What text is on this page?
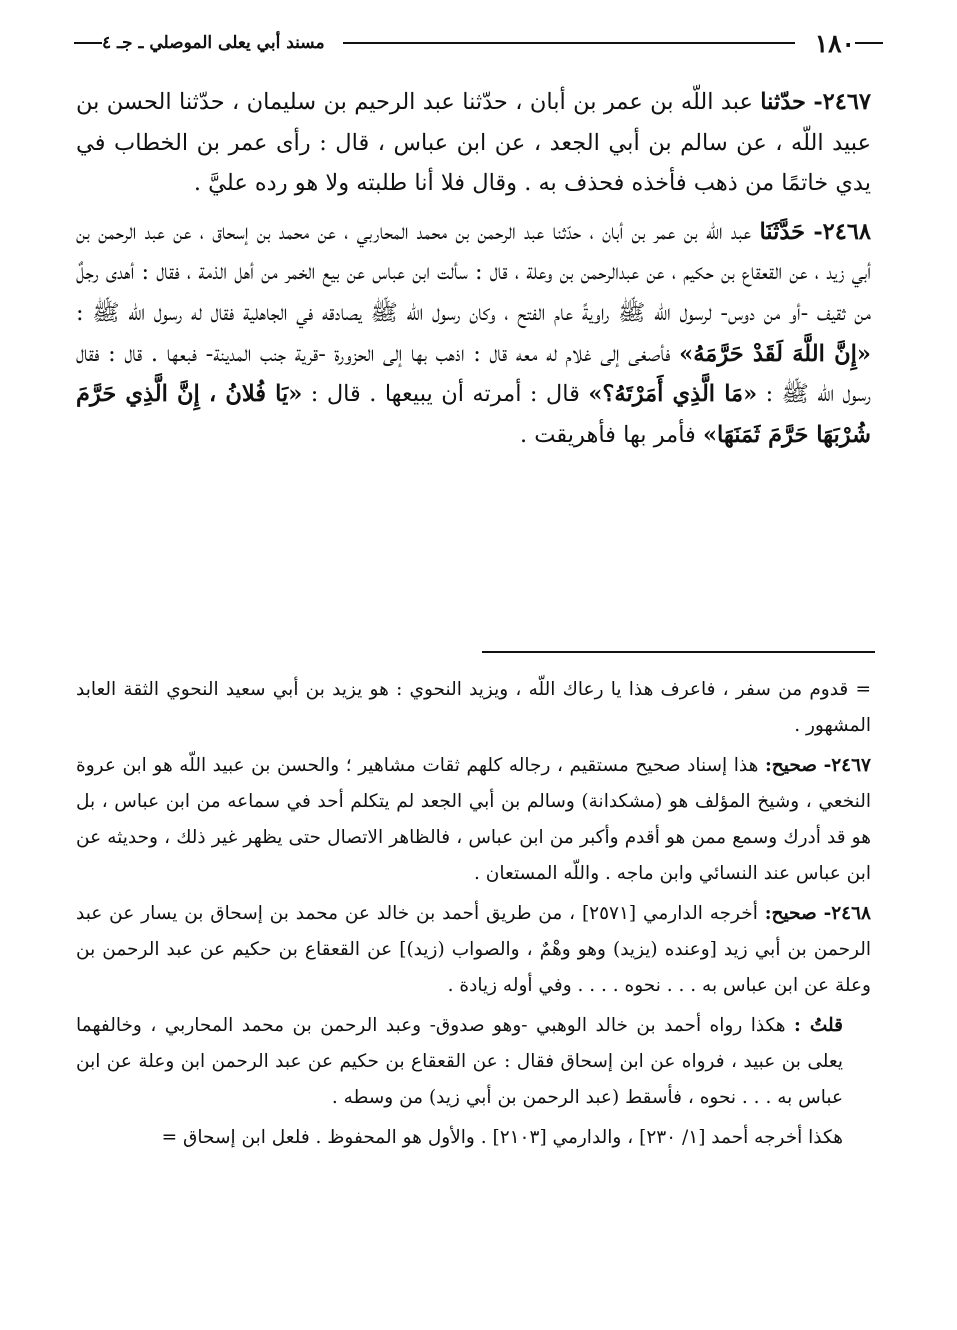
١٨٠
مسند أبي يعلى الموصلي ـ جـ ٤

٢٤٦٧- حدّثنا عبد اللّه بن عمر بن أبان ، حدّثنا عبد الرحيم بن سليمان ، حدّثنا الحسن بن عبيد اللّه ، عن سالم بن أبي الجعد ، عن ابن عباس ، قال : رأى عمر بن الخطاب في يدي خاتمًا من ذهب فأخذه فحذف به . وقال فلا أنا طلبته ولا هو رده عليَّ .

٢٤٦٨- حَدَّثَنَا عبد اللّه بن عمر بن أبان ، حدّثنا عبد الرحمن بن محمد المحاربي ، عن محمد بن إسحاق ، عن عبد الرحمن بن أبي زيد ، عن القعقاع بن حكيم ، عن عبدالرحمن بن وعلة ، قال : سألت ابن عباس عن بيع الخمر من أهل الذمة ، فقال : أهدى رجلٌ من ثقيف -أو من دوس- لرسول اللّه ﷺ راويةً عام الفتح ، وكان رسول اللّه ﷺ يصادقه في الجاهلية فقال له رسول اللّه ﷺ : «إِنَّ اللَّهَ لَقَدْ حَرَّمَهُ» فأصغى إلى غلام له معه قال : اذهب بها إلى الحزورة -قرية جنب المدينة- فبعها . قال : فقال رسول اللّه ﷺ : «مَا الَّذِي أَمَرْتَهُ؟» قال : أمرته أن يبيعها . قال : «يَا فُلانُ ، إِنَّ الَّذِي حَرَّمَ شُرْبَهَا حَرَّمَ ثَمَنَهَا» فأمر بها فأهريقت .

= قدوم من سفر ، فاعرف هذا يا رعاك اللّه ، ويزيد النحوي : هو يزيد بن أبي سعيد النحوي الثقة العابد المشهور .

٢٤٦٧- صحيح: هذا إسناد صحيح مستقيم ، رجاله كلهم ثقات مشاهير ؛ والحسن بن عبيد اللّه هو ابن عروة النخعي ، وشيخ المؤلف هو (مشكدانة) وسالم بن أبي الجعد لم يتكلم أحد في سماعه من ابن عباس ، بل هو قد أدرك وسمع ممن هو أقدم وأكبر من ابن عباس ، فالظاهر الاتصال حتى يظهر غير ذلك ، وحديثه عن ابن عباس عند النسائي وابن ماجه . واللّه المستعان .

٢٤٦٨- صحيح: أخرجه الدارمي [٢٥٧١] ، من طريق أحمد بن خالد عن محمد بن إسحاق بن يسار عن عبد الرحمن بن أبي زيد [وعنده (يزيد) وهو وهْمٌ ، والصواب (زيد)] عن القعقاع بن حكيم عن عبد الرحمن بن وعلة عن ابن عباس به . . . نحوه . . . . وفي أوله زيادة .

قلتُ : هكذا رواه أحمد بن خالد الوهبي -وهو صدوق- وعبد الرحمن بن محمد المحاربي ، وخالفهما يعلى بن عبيد ، فرواه عن ابن إسحاق فقال : عن القعقاع بن حكيم عن عبد الرحمن ابن وعلة عن ابن عباس به . . . نحوه ، فأسقط (عبد الرحمن بن أبي زيد) من وسطه .

هكذا أخرجه أحمد [١/ ٢٣٠] ، والدارمي [٢١٠٣] . والأول هو المحفوظ . فلعل ابن إسحاق =
